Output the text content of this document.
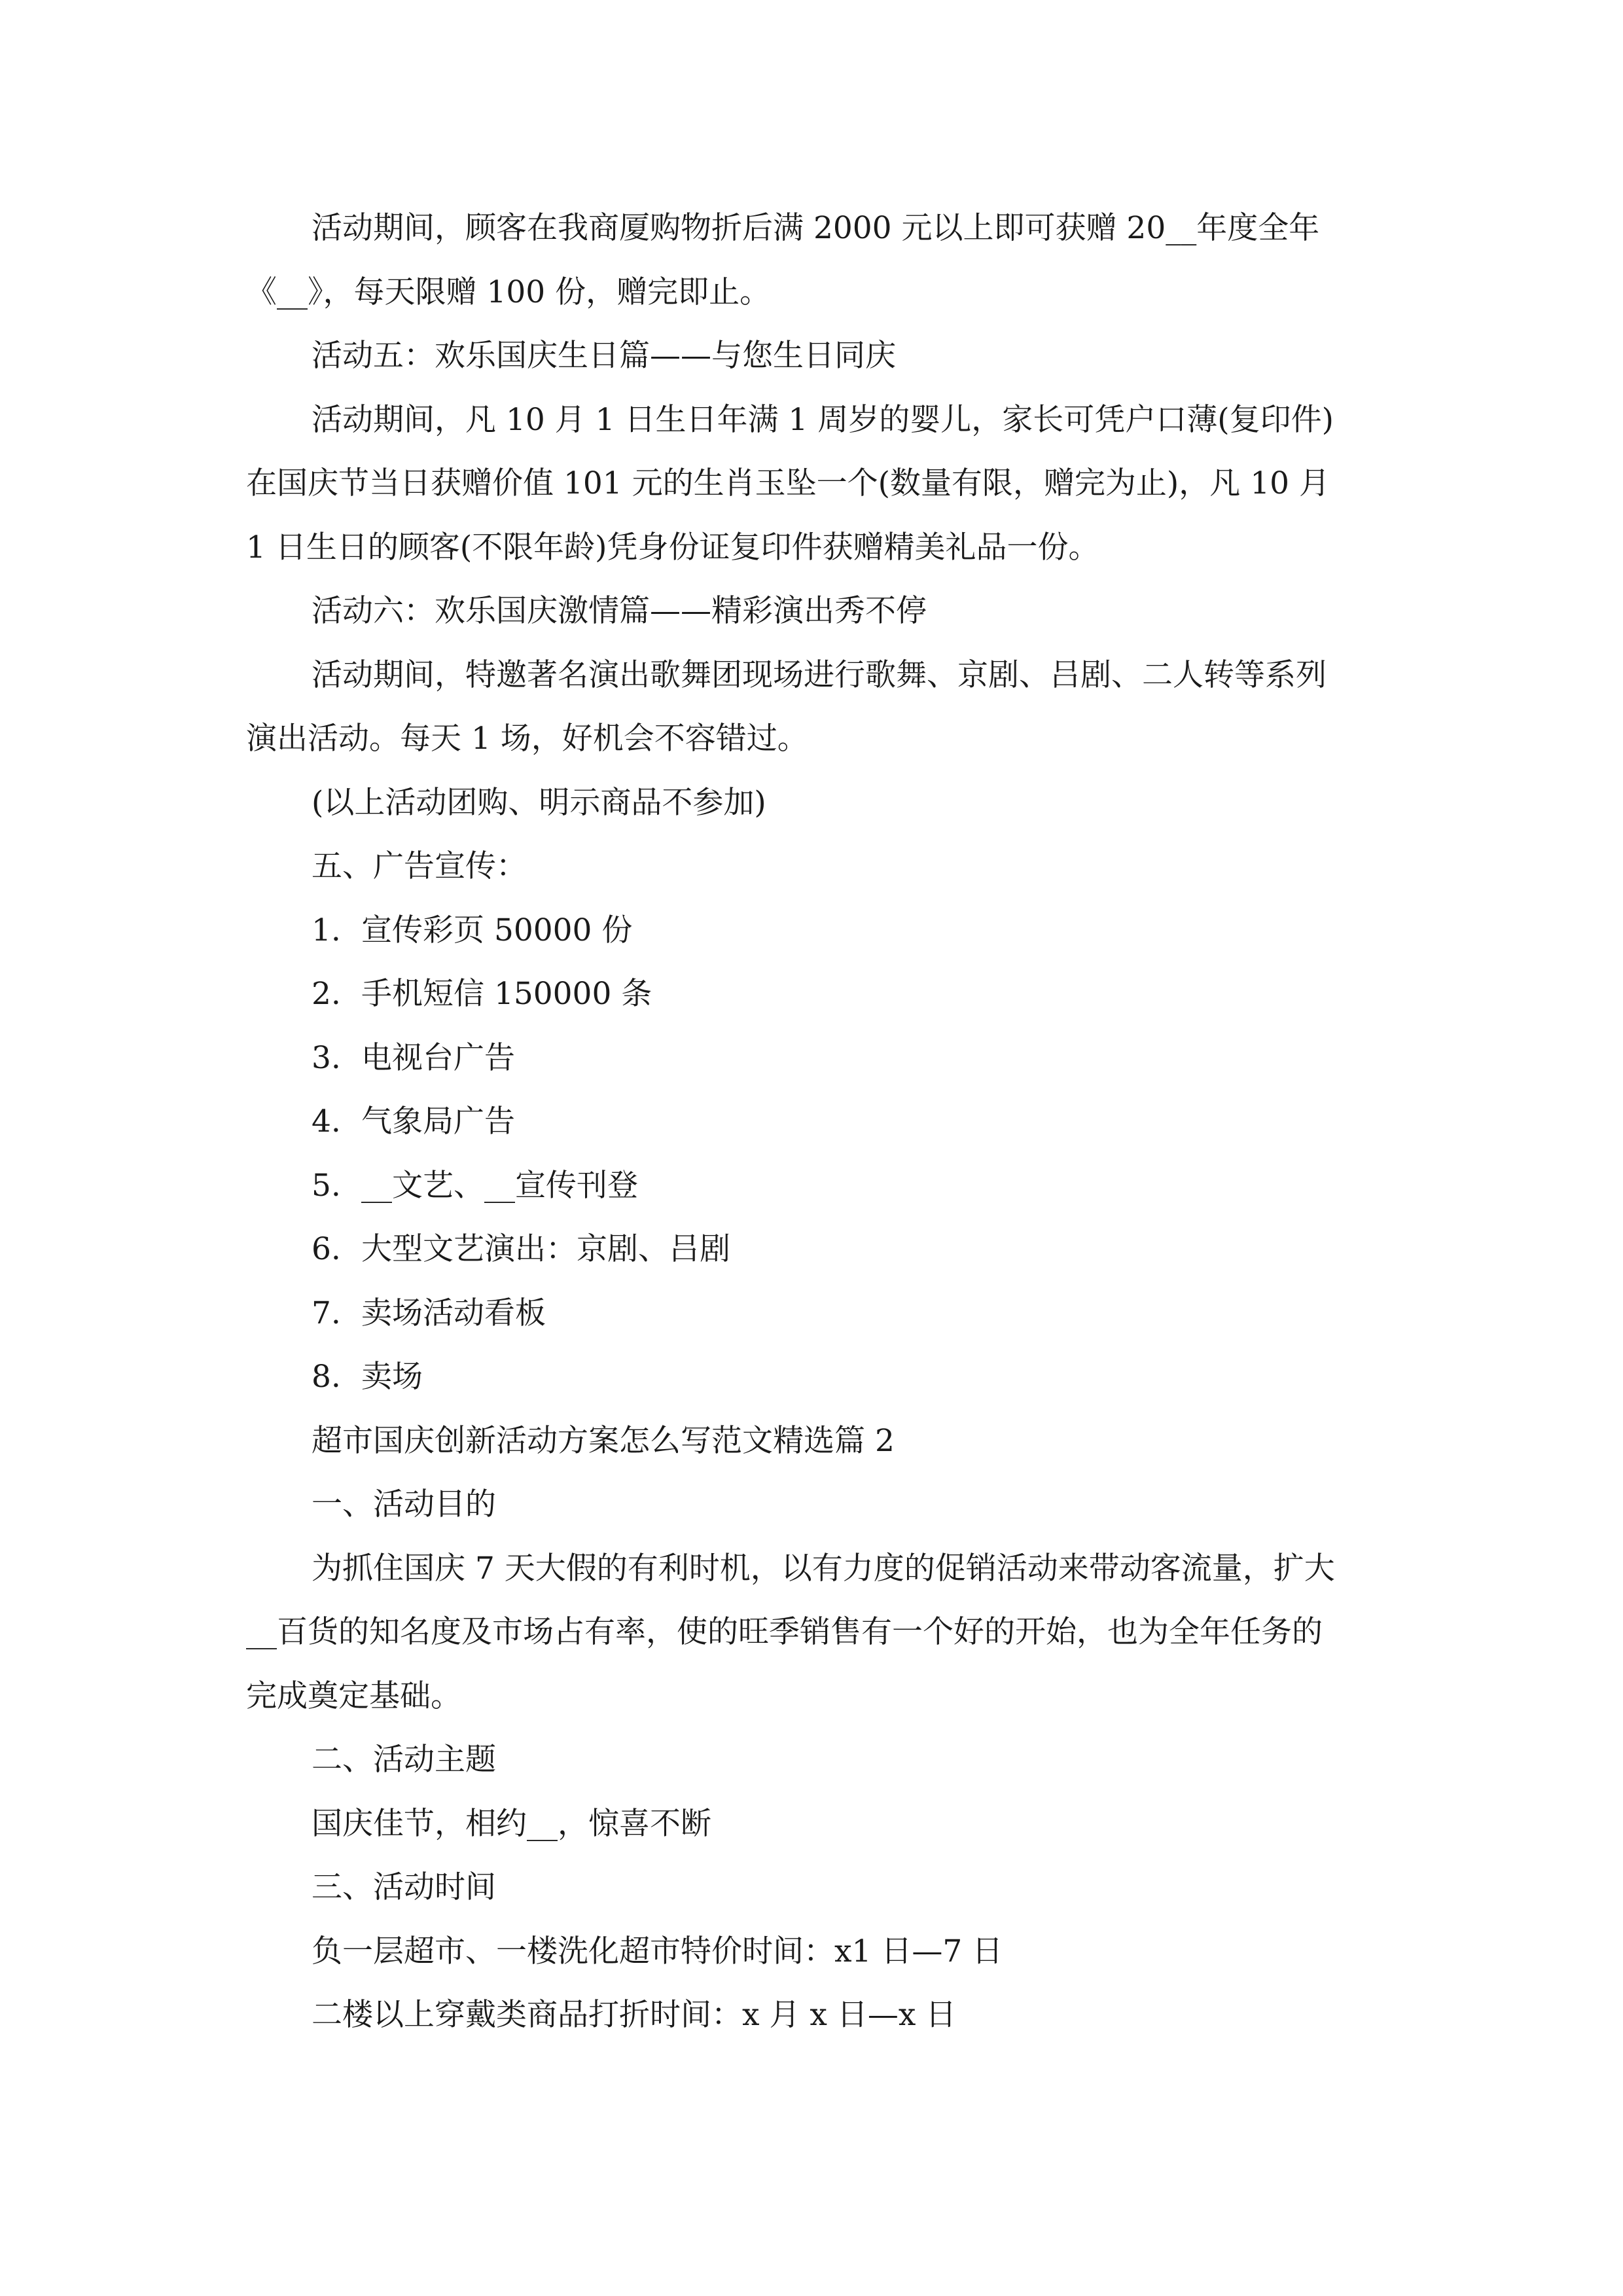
活动期间，顾客在我商厦购物折后满 2000 元以上即可获赠 20__年度全年

《__》，每天限赠 100 份，赠完即止。

活动五：欢乐国庆生日篇——与您生日同庆

活动期间，凡 10 月 1 日生日年满 1 周岁的婴儿，家长可凭户口薄(复印件)

在国庆节当日获赠价值 101 元的生肖玉坠一个(数量有限，赠完为止)，凡 10 月

1 日生日的顾客(不限年龄)凭身份证复印件获赠精美礼品一份。

活动六：欢乐国庆激情篇——精彩演出秀不停

活动期间，特邀著名演出歌舞团现场进行歌舞、京剧、吕剧、二人转等系列

演出活动。每天 1 场，好机会不容错过。

(以上活动团购、明示商品不参加)

五、广告宣传：

1. 宣传彩页 50000 份

2. 手机短信 150000 条

3. 电视台广告

4. 气象局广告

5. __文艺、__宣传刊登

6. 大型文艺演出：京剧、吕剧

7. 卖场活动看板

8. 卖场

超市国庆创新活动方案怎么写范文精选篇 2

一、活动目的

为抓住国庆 7 天大假的有利时机，以有力度的促销活动来带动客流量，扩大

__百货的知名度及市场占有率，使的旺季销售有一个好的开始，也为全年任务的

完成奠定基础。

二、活动主题

国庆佳节，相约__，惊喜不断

三、活动时间

负一层超市、一楼洗化超市特价时间：x1 日—7 日

二楼以上穿戴类商品打折时间：x 月 x 日—x 日
